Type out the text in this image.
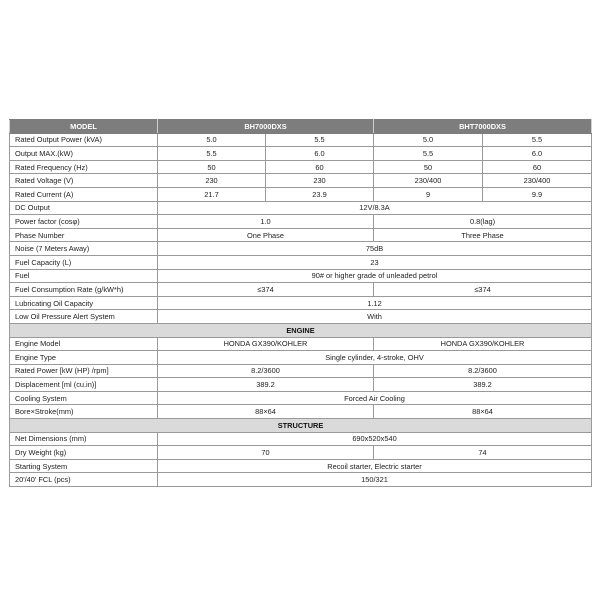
MODEL	BH7000DXS		BHT7000DXS	
Rated Output Power (kVA)	5.0	5.5	5.0	5.5
Output MAX.(kW)	5.5	6.0	5.5	6.0
Rated Frequency (Hz)	50	60	50	60
Rated Voltage (V)	230	230	230/400	230/400
Rated Current (A)	21.7	23.9	9	9.9
DC Output	12V/8.3A			
Power factor (cosφ)	1.0		0.8(lag)	
Phase Number	One Phase		Three Phase	
Noise (7 Meters Away)	75dB			
Fuel Capacity (L)	23			
Fuel	90# or higher grade of unleaded petrol			
Fuel Consumption Rate (g/kW*h)	≤374		≤374	
Lubricating Oil Capacity	1.12			
Low Oil Pressure Alert System	With			
ENGINE				
Engine Model	HONDA GX390/KOHLER		HONDA GX390/KOHLER	
Engine Type	Single cylinder, 4-stroke, OHV			
Rated Power [kW (HP) /rpm]	8.2/3600		8.2/3600	
Displacement [ml (cu.in)]	389.2		389.2	
Cooling System	Forced Air Cooling			
Bore×Stroke(mm)	88×64		88×64	
STRUCTURE				
Net Dimensions (mm)	690x520x540			
Dry Weight (kg)	70		74	
Starting System	Recoil starter, Electric starter			
20'/40' FCL (pcs)	150/321			
